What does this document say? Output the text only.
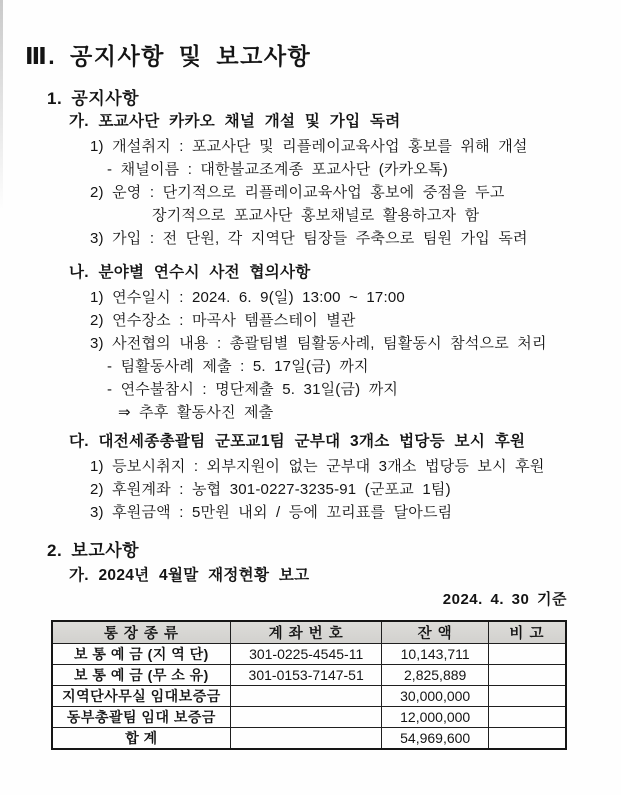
Ⅲ. 공지사항 및 보고사항
1. 공지사항
가. 포교사단 카카오 채널 개설 및 가입 독려
1) 개설취지 : 포교사단 및 리플레이교육사업 홍보를 위해 개설
- 채널이름 : 대한불교조계종 포교사단 (카카오톡)
2) 운영 : 단기적으로 리플레이교육사업 홍보에 중점을 두고
장기적으로 포교사단 홍보채널로 활용하고자 함
3) 가입 : 전 단원, 각 지역단 팀장들 주축으로 팀원 가입 독려
나. 분야별 연수시 사전 협의사항
1) 연수일시 : 2024. 6. 9(일) 13:00 ~ 17:00
2) 연수장소 : 마곡사 템플스테이 별관
3) 사전협의 내용 : 총괄팀별 팀활동사례, 팀활동시 참석으로 처리
- 팀활동사례 제출 : 5. 17일(금) 까지
- 연수불참시 : 명단제출 5. 31일(금) 까지
⇒ 추후 활동사진 제출
다. 대전세종총괄팀 군포교1팀 군부대 3개소 법당등 보시 후원
1) 등보시취지 : 외부지원이 없는 군부대 3개소 법당등 보시 후원
2) 후원계좌 : 농협 301-0227-3235-91 (군포교 1팀)
3) 후원금액 : 5만원 내외 / 등에 꼬리표를 달아드림
2. 보고사항
가. 2024년 4월말 재정현황 보고
2024. 4. 30 기준
통 장 종 류	계 좌 번 호	잔 액	비 고
보 통 예 금 (지 역 단)	301-0225-4545-11	10,143,711	
보 통 예 금 (무 소 유)	301-0153-7147-51	2,825,889	
지역단사무실 임대보증금		30,000,000	
동부총괄팀 임대 보증금		12,000,000	
합 계		54,969,600	
